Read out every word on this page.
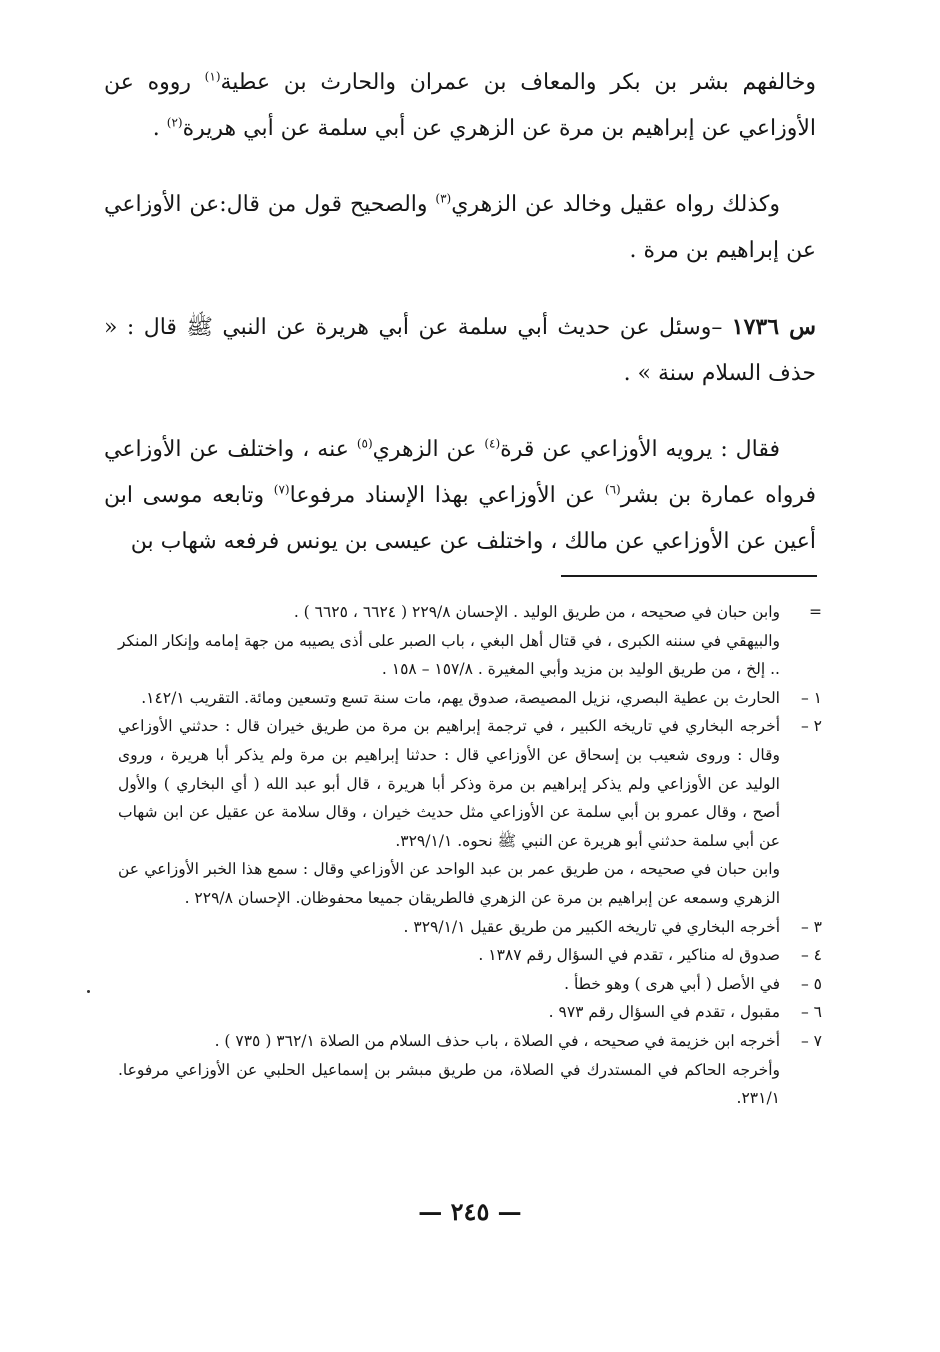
وخالفهم بشر بن بكر والمعاف بن عمران والحارث بن عطية$^{(١)}$ رووه عن الأوزاعي عن إبراهيم بن مرة عن الزهري عن أبي سلمة عن أبي هريرة$^{(٢)}$ .

وكذلك رواه عقيل وخالد عن الزهري$^{(٣)}$ والصحيح قول من قال:عن الأوزاعي عن إبراهيم بن مرة .

س ١٧٣٦ –وسئل عن حديث أبي سلمة عن أبي هريرة عن النبي ﷺ قال : « حذف السلام سنة » .

فقال : يرويه الأوزاعي عن قرة$^{(٤)}$ عن الزهري$^{(٥)}$ عنه ، واختلف عن الأوزاعي فرواه عمارة بن بشر$^{(٦)}$ عن الأوزاعي بهذا الإسناد مرفوعا$^{(٧)}$ وتابعه موسى ابن أعين عن الأوزاعي عن مالك ، واختلف عن عيسى بن يونس فرفعه شهاب بن

=
وابن حبان في صحيحه ، من طريق الوليد . الإحسان ٢٢٩/٨ ( ٦٦٢٤ ، ٦٦٢٥ ) .
والبيهقي في سننه الكبرى ، في قتال أهل البغي ، باب الصبر على أذى يصيبه من جهة إمامه وإنكار المنكر .. إلخ ، من طريق الوليد بن مزيد وأبي المغيرة . ١٥٧/٨ – ١٥٨ .
١ –
الحارث بن عطية البصري، نزيل المصيصة، صدوق يهم، مات سنة تسع وتسعين ومائة. التقريب ١٤٢/١.
٢ –
أخرجه البخاري في تاريخه الكبير ، في ترجمة إبراهيم بن مرة من طريق خيران قال : حدثني الأوزاعي وقال : وروى شعيب بن إسحاق عن الأوزاعي قال : حدثنا إبراهيم بن مرة ولم يذكر أبا هريرة ، وروى الوليد عن الأوزاعي ولم يذكر إبراهيم بن مرة وذكر أبا هريرة ، قال أبو عبد الله ( أي البخاري ) والأول أصح ، وقال عمرو بن أبي سلمة عن الأوزاعي مثل حديث خيران ، وقال سلامة عن عقيل عن ابن شهاب عن أبي سلمة حدثني أبو هريرة عن النبي ﷺ نحوه. ٣٢٩/١/١.
وابن حبان في صحيحه ، من طريق عمر بن عبد الواحد عن الأوزاعي وقال : سمع هذا الخبر الأوزاعي عن الزهري وسمعه عن إبراهيم بن مرة عن الزهري فالطريقان جميعا محفوظان. الإحسان ٢٢٩/٨ .
٣ –
أخرجه البخاري في تاريخه الكبير من طريق عقيل ٣٢٩/١/١ .
٤ –
صدوق له مناكير ، تقدم في السؤال رقم ١٣٨٧ .
٥ –
في الأصل ( أبي هرى ) وهو خطأ .
٦ –
مقبول ، تقدم في السؤال رقم ٩٧٣ .
٧ –
أخرجه ابن خزيمة في صحيحه ، في الصلاة ، باب حذف السلام من الصلاة ٣٦٢/١ ( ٧٣٥ ) .
وأخرجه الحاكم في المستدرك في الصلاة، من طريق مبشر بن إسماعيل الحلبي عن الأوزاعي مرفوعا. ٢٣١/١.
— ٢٤٥ —
